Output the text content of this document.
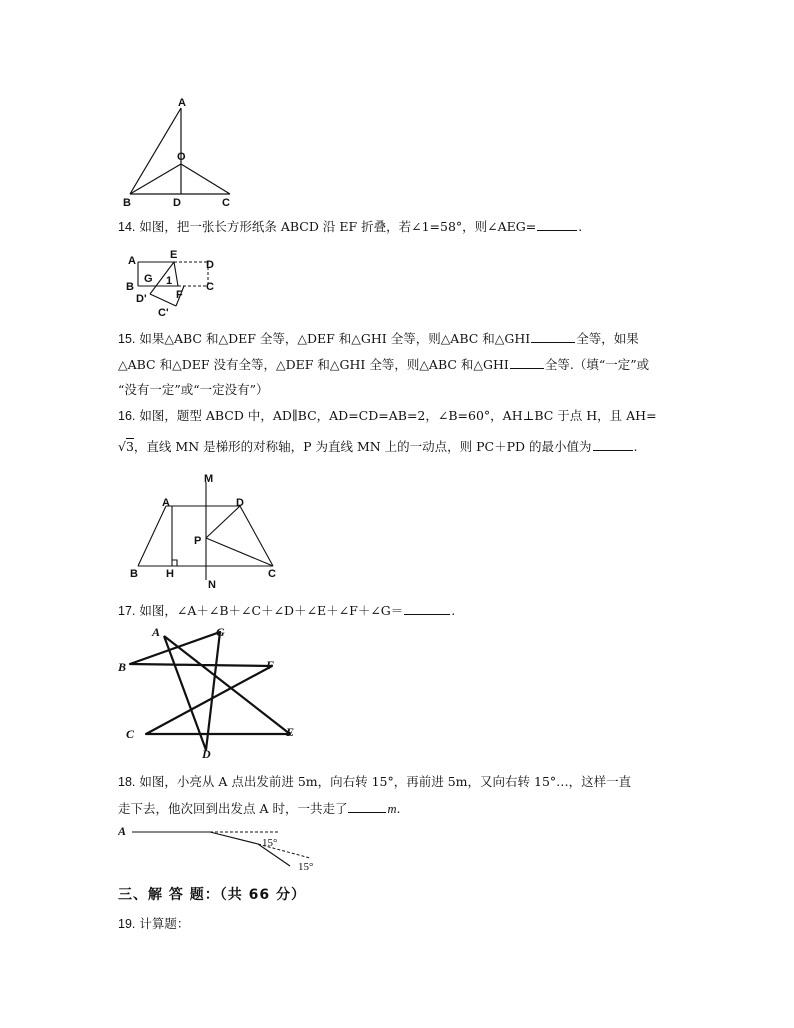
A
O
B	D	C
14. 如图，把一张长方形纸条 ABCD 沿 EF 折叠，若∠1=58°，则∠AEG=	.
A	E
D
G 1
B
D'	F
C
C'
15. 如果△ABC 和△DEF 全等，△DEF 和△GHI 全等，则△ABC 和△GHI	全等，如果
△ABC 和△DEF 没有全等，△DEF 和△GHI 全等，则△ABC 和△GHI	全等.（填“一定”或
“没有一定”或“一定没有”）
16. 如图，题型 ABCD 中，AD∥BC，AD=CD=AB=2，∠B=60°，AH⊥BC 于点 H，且 AH=
√3，直线 MN 是梯形的对称轴，P 为直线 MN 上的一动点，则 PC＋PD 的最小值为	.
M
A	D
P
B	H
N
C
17. 如图，∠A＋∠B＋∠C＋∠D＋∠E＋∠F＋∠G＝	.
A	G
B	F
C	E
D
18. 如图，小亮从 A 点出发前进 5m，向右转 15°，再前进 5m，又向右转 15°…，这样一直
走下去，他次回到出发点 A 时，一共走了	m.
A
15°
15°
三、解 答 题：（共 66 分）
19. 计算题：
